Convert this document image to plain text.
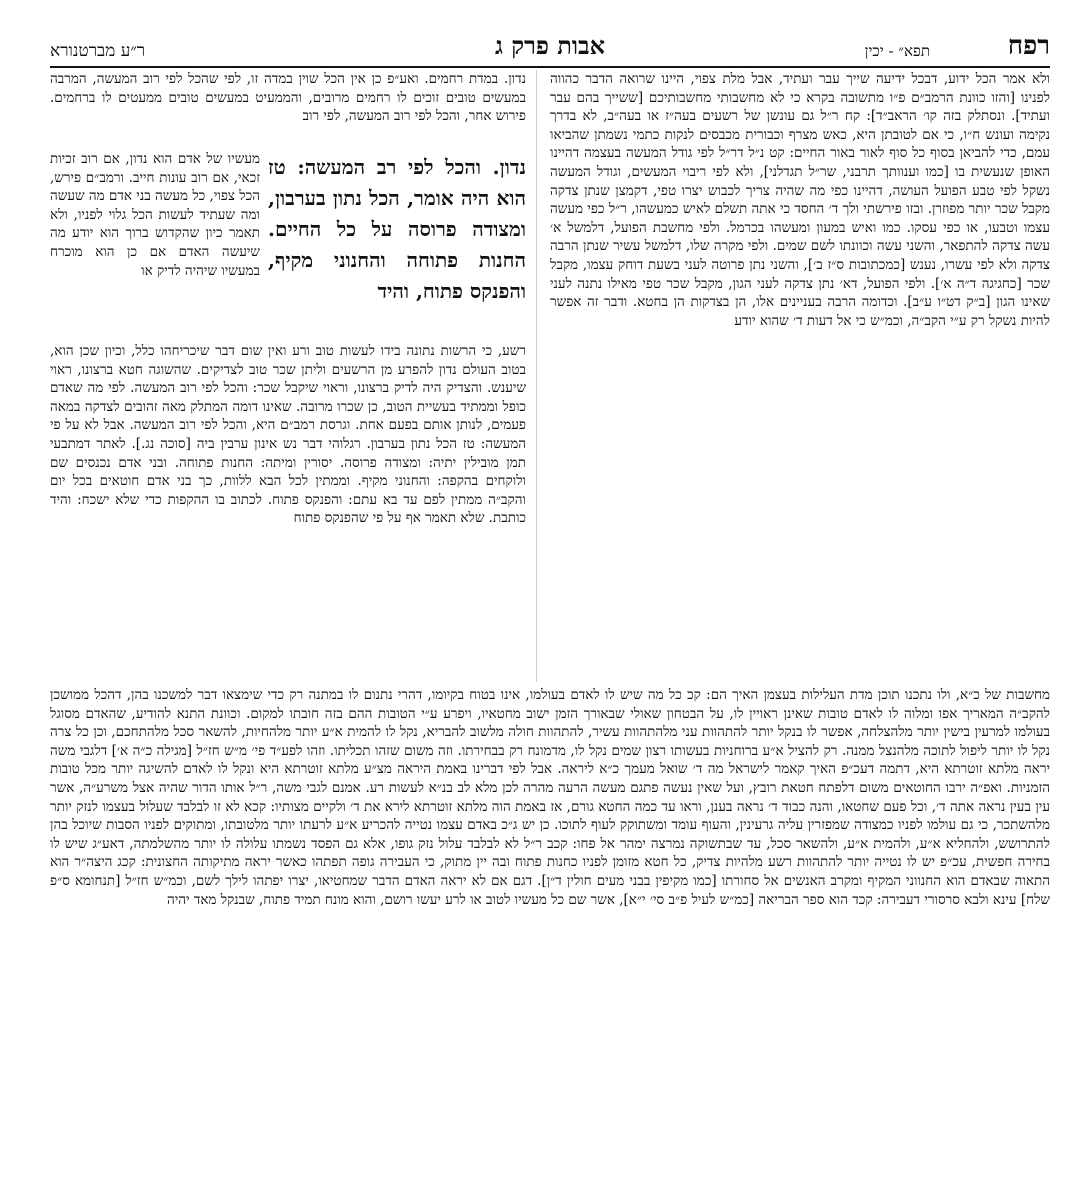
רפח
תפא״ - יכין
אבות פרק ג
ר״ע מברטנורא

ולא אמר הכל ידוע, דבכל ידיעה שייך עבר ועתיד, אבל מלת צפוי, היינו שרואה הדבר כהווה לפנינו [והזו כוונת הרמב״ם פ״ו מתשובה בקרא כי לא מחשבותי מחשבותיכם [ששייך בהם עבר ועתיד]. ונסתלק בזה קו׳ הראב״ד]: קח ר״ל גם עונשן של רשעים בעה״ז או בעה״ב, לא בדרך נקימה ועונש ח״ו, כי אם לטובתן היא, כאש מצרף וכבורית מכבסים לנקות כתמי נשמתן שהביאו עמם, כדי להביאן בסוף כל סוף לאור באור החיים: קט נ״ל דר״ל לפי גודל המעשה בעצמה דהיינו האופן שנעשית בו [כמו וענוותך תרבני, שר״ל תגדלני], ולא לפי ריבוי המעשים, וגודל המעשה נשקל לפי טבע הפועל העושה, דהיינו כפי מה שהיה צריך לכבוש יצרו טפי, דקמצן שנתן צדקה מקבל שכר יותר מפוזרן. ובזו פירשתי ולך ד׳ החסד כי אתה תשלם לאיש כמעשהו, ר״ל כפי מעשה עצמו וטבעו, או כפי עסקו. כמו ואיש במעון ומעשהו בכרמל. ולפי מחשבת הפועל, דלמשל א׳ עשה צדקה להתפאר, והשני עשה וכוונתו לשם שמים. ולפי מקרה שלו, דלמשל עשיר שנתן הרבה צדקה ולא לפי עשרו, נענש [כמכתובות ס״ז ב׳], והשני נתן פרוטה לעני בשעת דוחק עצמו, מקבל שכר [כחגיגה ד״ה א׳]. ולפי הפועל, דא׳ נתן צדקה לעני הגון, מקבל שכר טפי מאילו נתנה לעני שאינו הגון [ב״ק דט״ו ע״ב]. וכדומה הרבה בעניינים אלו, הן בצדקות הן בחטא. ודבר זה אפשר להיות נשקל רק ע״י הקב״ה, וכמ״ש כי אל דעות ד׳ שהוא יודע

נדון. במדת רחמים. ואע״פ כן אין הכל שוין במדה זו, לפי שהכל לפי רוב המעשה, המרבה במעשים טובים זוכים לו רחמים מרובים, והממעיט במעשים טובים ממעטים לו ברחמים. פירוש אחר, והכל לפי רוב המעשה, לפי רוב

מעשיו של אדם הוא נדון, אם רוב זכיות זכאי, אם רוב עונות חייב. ורמב״ם פירש, הכל צפוי, כל מעשה בני אדם מה שעשה ומה שעתיד לעשות הכל גלוי לפניו, ולא תאמר כיון שהקדוש ברוך הוא יודע מה שיעשה האדם אם כן הוא מוכרח במעשיו שיהיה לדיק או

נדון. והכל לפי רב המעשה: טז הוא היה אומר, הכל נתון בערבון, ומצודה פרוסה על כל החיים. החנות פתוחה והחנוני מקיף, והפנקס פתוח, והיד

רשע, כי הרשות נתונה בידו לעשות טוב ורע ואין שום דבר שיכריחהו כלל, וכיון שכן הוא, בטוב העולם נדון להפרע מן הרשעים וליתן שכר טוב לצדיקים. שהשוגה חטא ברצונו, ראוי שיענש. והצדיק היה לדיק ברצונו, וראוי שיקבל שכר: והכל לפי רוב המעשה. לפי מה שאדם כופל וממתיד בעשיית הטוב, כן שכרו מרובה. שאינו דומה המתלק מאה זהובים לצדקה במאה פעמים, לנותן אותם בפעם אחת. וגרסת רמב״ם היא, והכל לפי רוב המעשה. אבל לא על פי המעשה: טז הכל נתון בערבון. רגלוהי דבר נש אינון ערבין ביה [סוכה נג.]. לאתר דמתבעי תמן מובילין יתיה: ומצודה פרוסה. יסורין ומיתה: החנות פתוחה. ובני אדם נכנסים שם ולוקחים בהקפה: והחנוני מקיף. וממתין לכל הבא ללוות, כך בני אדם חוטאים בכל יום והקב״ה ממתין לפם עד בא עתם: והפנקס פתוח. לכתוב בו ההקפות כדי שלא ישכח: והיד כותבת. שלא תאמר אף על פי שהפנקס פתוח

מחשבות של כ״א, ולו נתכנו תוכן מדת העלילות בעצמן האיך הם: קכ כל מה שיש לו לאדם בעולמו, אינו בטוח בקיומו, דהרי נתנום לו במתנה רק כדי שימצאו דבר למשכנו בהן, דהכל ממושכן להקב״ה המאריך אפו ומלוה לו לאדם טובות שאינן ראויין לו, על הבטחון שאולי שבאורך הזמן ישוב מחטאיו, ויפרע ע״י הטובות ההם בזה חובתו למקום. וכוונת התנא להודיע, שהאדם מסוגל בעולמו למרעין בישין יותר מלהצלחה, אפשר לו בנקל יותר להתהוות עני מלהתהוות עשיר, להתהוות חולה מלשוב להבריא, נקל לו להמית א״ע יותר מלהחיות, להשאר סכל מלהתחכם, וכן כל צרה נקל לו יותר ליפול לתוכה מלהנצל ממנה. רק להציל א״ע ברוחניות בעשותו רצון שמים נקל לו, מדמונח רק בבחירתו. וזה משום שזהו תכליתו. וזהו לפע״ד פי׳ מ״ש חז״ל [מגילה כ״ה א׳] דלגבי משה יראה מלתא זוטרתא היא, דתמה דעכ״פ האיך קאמר לישראל מה ד׳ שואל מעמך כ״א ליראה. אבל לפי דברינו באמת היראה מצ״ע מלתא זוטרתא היא ונקל לו לאדם להשיגה יותר מכל טובות הזמניות. ואפ״ה ירבו החוטאים משום דלפתח חטאת רובץ, ועל שאין נעשה פתגם מעשה הרעה מהרה לכן מלא לב בנ״א לעשות רע. אמנם לגבי משה, ר״ל אותו הדור שהיה אצל משרע״ה, אשר עין בעין נראה אתה ד׳, וכל פעם שחטאו, והנה כבוד ד׳ נראה בענן, וראו עד כמה החטא גורם, אז באמת הוה מלתא זוטרתא לירא את ד׳ ולקיים מצותיו: קכא לא זו לבלבד שעלול בעצמו לנזק יותר מלהשתכר, כי גם עולמו לפניו כמצודה שמפזרין עליה גרעינין, והעוף עומד ומשתוקק לעוף לתוכו. כן יש ג״כ באדם עצמו נטייה להכריע א״ע לרעתו יותר מלטובתו, ומתוקים לפניו הסבות שיוכל בהן להתרושש, ולהחליא א״ע, ולהמית א״ע, ולהשאר סכל, עד שבתשוקה נמרצה ימהר אל פחו: קכב ר״ל לא לבלבד עלול נזק גופו, אלא גם הפסד נשמתו עלולה לו יותר מהשלמתה, דאע״ג שיש לו בחירה חפשית, עכ״פ יש לו נטייה יותר להתהוות רשע מלהיות צדיק, כל חטא מזומן לפניו כחנות פתוח ובה יין מתוק, כי העבירה גופה תפתהו כאשר יראה מתיקותה החצונית: קכג היצה״ר הוא התאוה שבאדם הוא החנווני המקיף ומקרב האנשים אל סחורתו [כמו מקיפין בבני מעים חולין ד״ן]. דגם אם לא יראה האדם הדבר שמחטיאו, יצרו יפתהו לילך לשם, וכמ״ש חז״ל [תנחומא ס״פ שלח] עינא ולבא סרסורי דעבירה: קכד הוא ספר הבריאה [כמ״ש לעיל פ״ב סי׳ י״א], אשר שם כל מעשיו לטוב או לרע יעשו רושם, והוא מונח תמיד פתוח, שבנקל מאד יהיה
